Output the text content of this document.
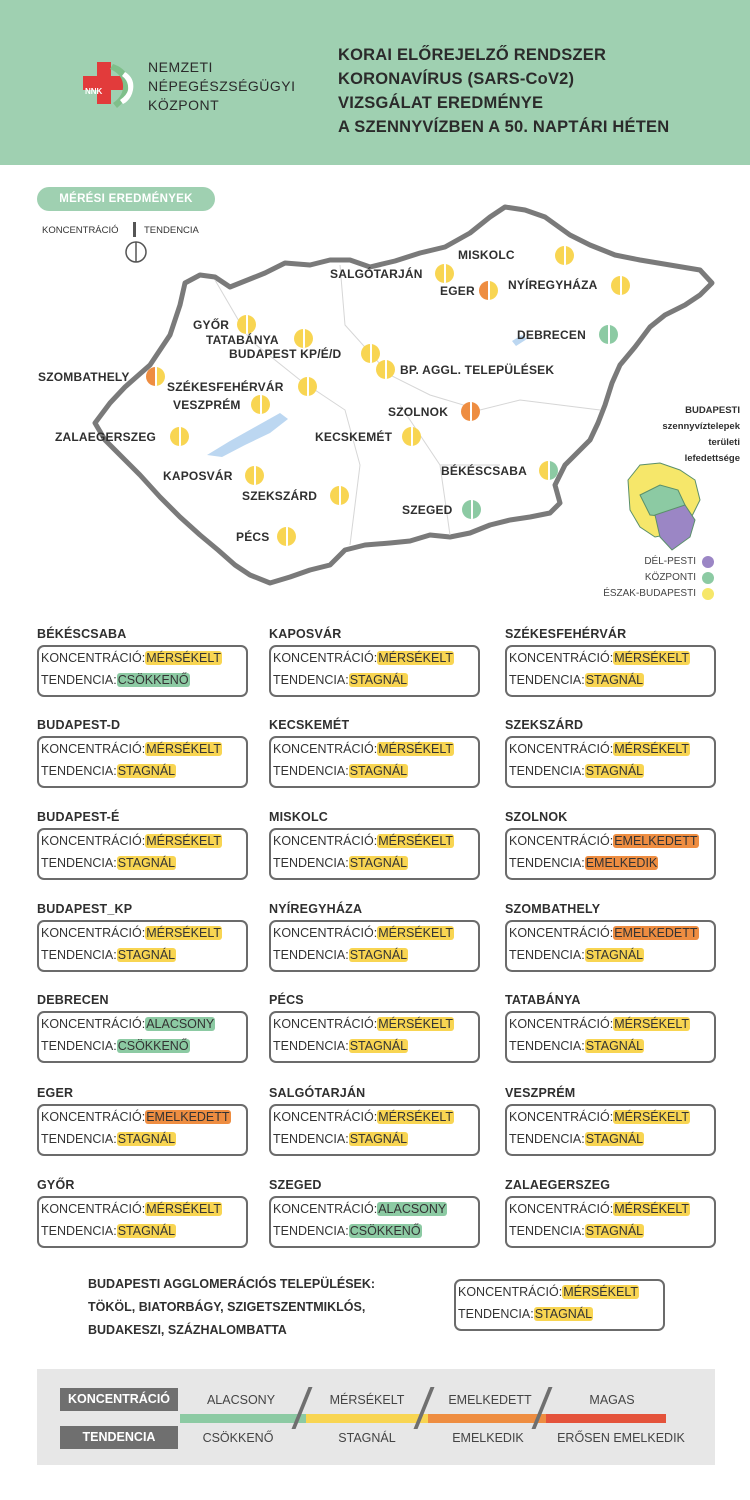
NNK
NEMZETI
NÉPEGÉSZSÉGÜGYI
KÖZPONT
KORAI ELŐREJELZŐ RENDSZER
KORONAVÍRUS (SARS-CoV2)
VIZSGÁLAT EREDMÉNYE
A SZENNYVÍZBEN A 50. NAPTÁRI HÉTEN
MÉRÉSI EREDMÉNYEK
KONCENTRÁCIÓ	TENDENCIA
MISKOLC
SALGÓTARJÁN
EGER	NYÍREGYHÁZA
DEBRECEN
GYŐR
TATABÁNYA
BUDAPEST KP/É/D
BP. AGGL. TELEPÜLÉSEK
SZOMBATHELY
SZÉKESFEHÉRVÁR
VESZPRÉM	SZOLNOK
ZALAEGERSZEG	KECSKEMÉT
BÉKÉSCSABA
KAPOSVÁR
SZEKSZÁRD
SZEGED
PÉCS
BUDAPESTI
szennyvíztelepek
területi
lefedettsége
DÉL-PESTI
KÖZPONTI
ÉSZAK-BUDAPESTI
BÉKÉSCSABA
KONCENTRÁCIÓ:MÉRSÉKELT
TENDENCIA:CSÖKKENŐ
KAPOSVÁR
KONCENTRÁCIÓ:MÉRSÉKELT
TENDENCIA:STAGNÁL
SZÉKESFEHÉRVÁR
KONCENTRÁCIÓ:MÉRSÉKELT
TENDENCIA:STAGNÁL
BUDAPEST-D
KONCENTRÁCIÓ:MÉRSÉKELT
TENDENCIA:STAGNÁL
KECSKEMÉT
KONCENTRÁCIÓ:MÉRSÉKELT
TENDENCIA:STAGNÁL
SZEKSZÁRD
KONCENTRÁCIÓ:MÉRSÉKELT
TENDENCIA:STAGNÁL
BUDAPEST-É
KONCENTRÁCIÓ:MÉRSÉKELT
TENDENCIA:STAGNÁL
MISKOLC
KONCENTRÁCIÓ:MÉRSÉKELT
TENDENCIA:STAGNÁL
SZOLNOK
KONCENTRÁCIÓ:EMELKEDETT
TENDENCIA:EMELKEDIK
BUDAPEST_KP
KONCENTRÁCIÓ:MÉRSÉKELT
TENDENCIA:STAGNÁL
NYÍREGYHÁZA
KONCENTRÁCIÓ:MÉRSÉKELT
TENDENCIA:STAGNÁL
SZOMBATHELY
KONCENTRÁCIÓ:EMELKEDETT
TENDENCIA:STAGNÁL
DEBRECEN
KONCENTRÁCIÓ:ALACSONY
TENDENCIA:CSÖKKENŐ
PÉCS
KONCENTRÁCIÓ:MÉRSÉKELT
TENDENCIA:STAGNÁL
TATABÁNYA
KONCENTRÁCIÓ:MÉRSÉKELT
TENDENCIA:STAGNÁL
EGER
KONCENTRÁCIÓ:EMELKEDETT
TENDENCIA:STAGNÁL
SALGÓTARJÁN
KONCENTRÁCIÓ:MÉRSÉKELT
TENDENCIA:STAGNÁL
VESZPRÉM
KONCENTRÁCIÓ:MÉRSÉKELT
TENDENCIA:STAGNÁL
GYŐR
KONCENTRÁCIÓ:MÉRSÉKELT
TENDENCIA:STAGNÁL
SZEGED
KONCENTRÁCIÓ:ALACSONY
TENDENCIA:CSÖKKENŐ
ZALAEGERSZEG
KONCENTRÁCIÓ:MÉRSÉKELT
TENDENCIA:STAGNÁL
BUDAPESTI AGGLOMERÁCIÓS TELEPÜLÉSEK:
TÖKÖL, BIATORBÁGY, SZIGETSZENTMIKLÓS,
BUDAKESZI, SZÁZHALOMBATTA
KONCENTRÁCIÓ:MÉRSÉKELT
TENDENCIA:STAGNÁL
KONCENTRÁCIÓ
TENDENCIA
ALACSONY	MÉRSÉKELT	EMELKEDETT	MAGAS
CSÖKKENŐ	STAGNÁL	EMELKEDIK	ERŐSEN EMELKEDIK
